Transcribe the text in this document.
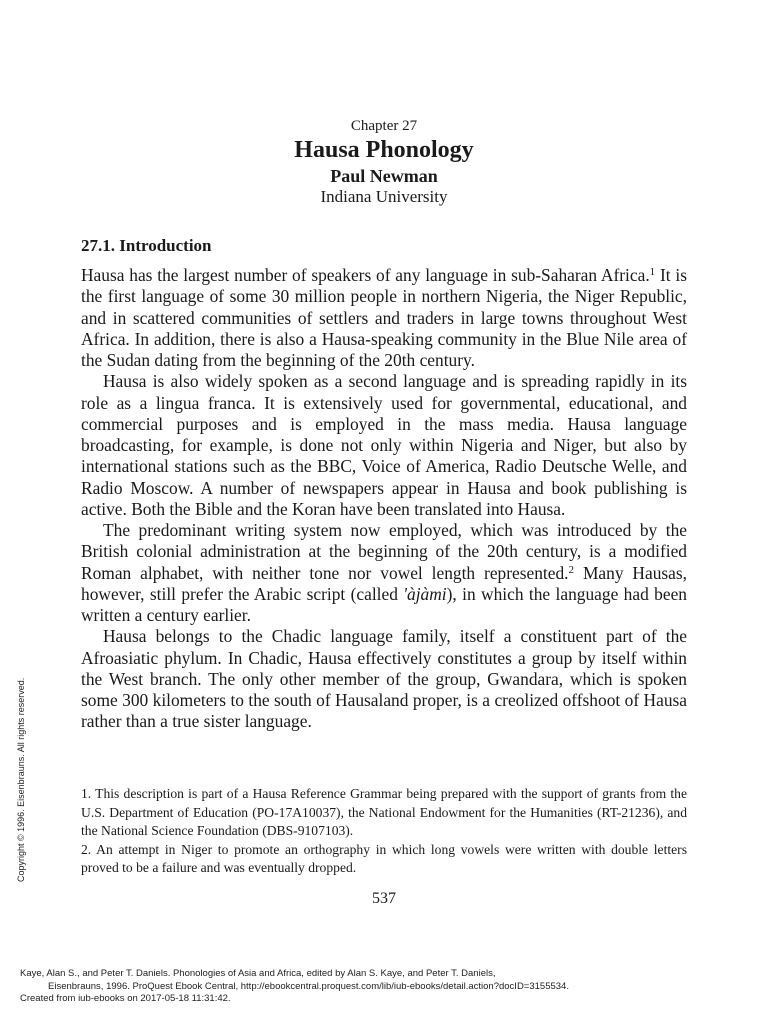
Chapter 27
Hausa Phonology
Paul Newman
Indiana University
27.1. Introduction

Hausa has the largest number of speakers of any language in sub-Saharan Africa.$^1$ It is the first language of some 30 million people in northern Nigeria, the Niger Republic, and in scattered communities of settlers and traders in large towns throughout West Africa. In addition, there is also a Hausa-speaking community in the Blue Nile area of the Sudan dating from the beginning of the 20th century.

Hausa is also widely spoken as a second language and is spreading rapidly in its role as a lingua franca. It is extensively used for governmental, educational, and commercial purposes and is employed in the mass media. Hausa language broadcasting, for example, is done not only within Nigeria and Niger, but also by international stations such as the BBC, Voice of America, Radio Deutsche Welle, and Radio Moscow. A number of newspapers appear in Hausa and book publishing is active. Both the Bible and the Koran have been translated into Hausa.

The predominant writing system now employed, which was introduced by the British colonial administration at the beginning of the 20th century, is a modified Roman alphabet, with neither tone nor vowel length represented.$^2$ Many Hausas, however, still prefer the Arabic script (called 'àjàmi), in which the language had been written a century earlier.

Hausa belongs to the Chadic language family, itself a constituent part of the Afroasiatic phylum. In Chadic, Hausa effectively constitutes a group by itself within the West branch. The only other member of the group, Gwandara, which is spoken some 300 kilometers to the south of Hausaland proper, is a creolized offshoot of Hausa rather than a true sister language.

1. This description is part of a Hausa Reference Grammar being prepared with the support of grants from the U.S. Department of Education (PO-17A10037), the National Endowment for the Humanities (RT-21236), and the National Science Foundation (DBS-9107103).

2. An attempt in Niger to promote an orthography in which long vowels were written with double letters proved to be a failure and was eventually dropped.

537
Copyright © 1996. Eisenbrauns. All rights reserved.
Kaye, Alan S., and Peter T. Daniels. Phonologies of Asia and Africa, edited by Alan S. Kaye, and Peter T. Daniels,
Eisenbrauns, 1996. ProQuest Ebook Central, http://ebookcentral.proquest.com/lib/iub-ebooks/detail.action?docID=3155534.
Created from iub-ebooks on 2017-05-18 11:31:42.
